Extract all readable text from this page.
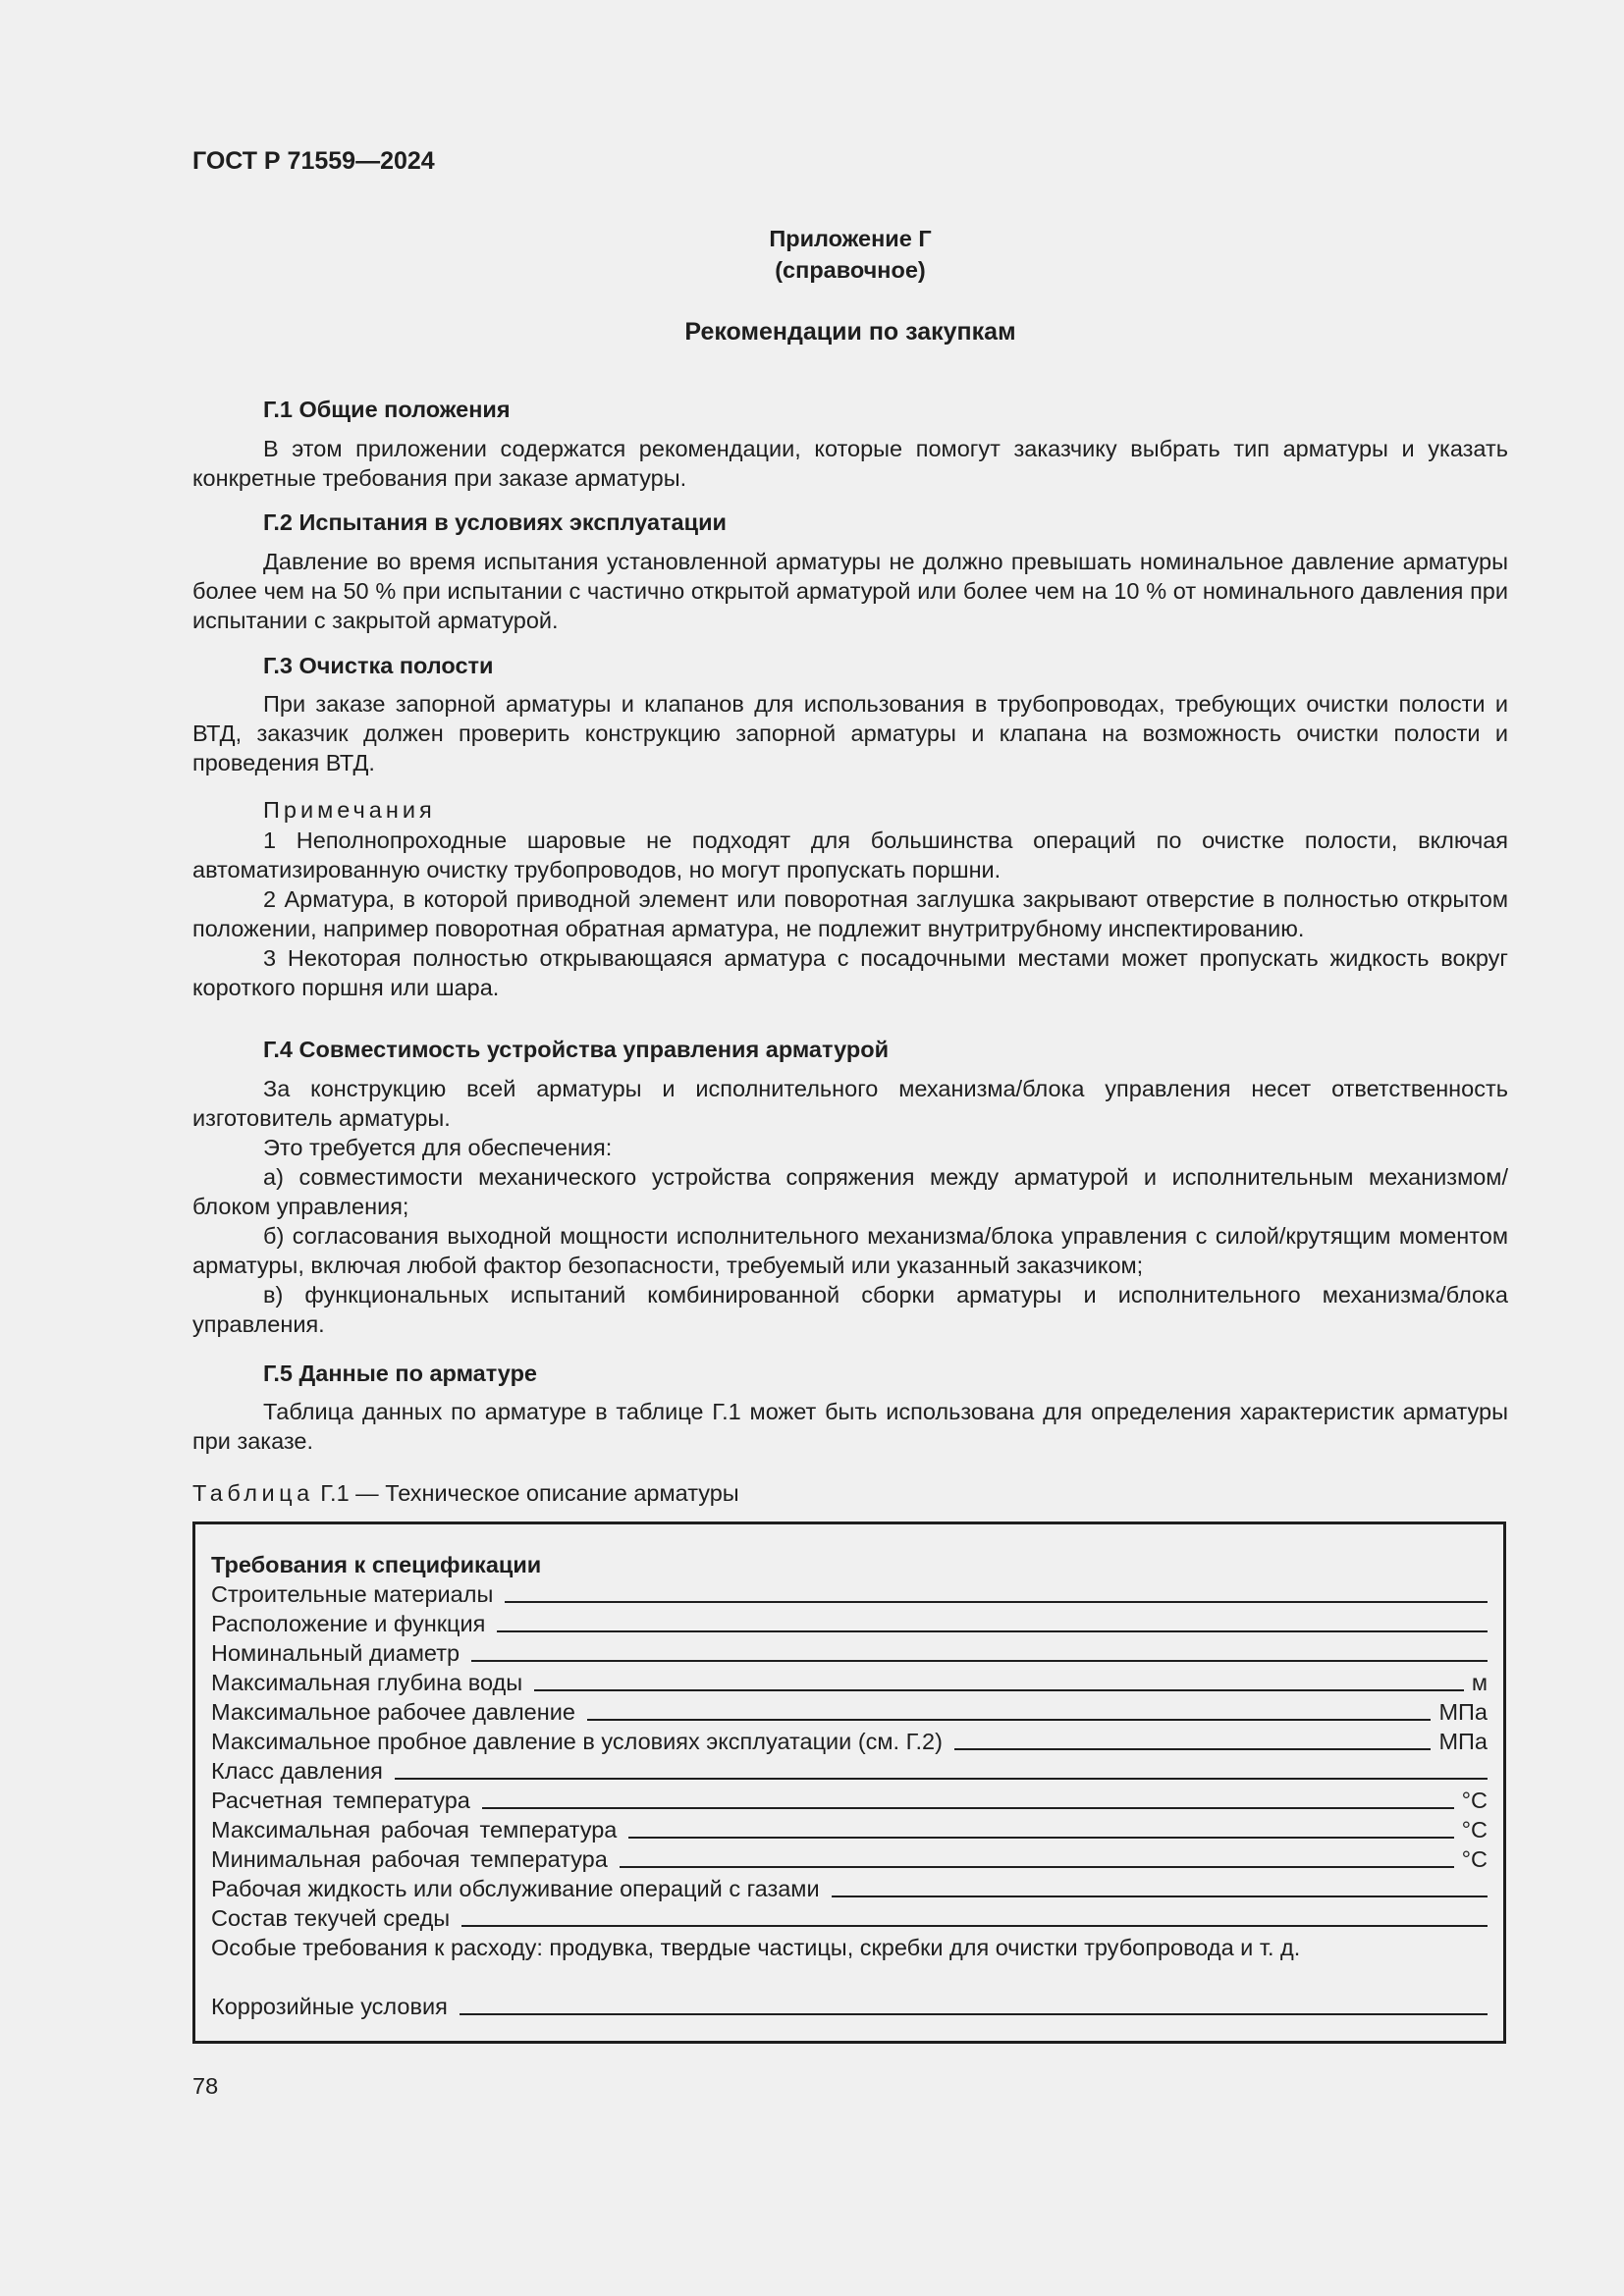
ГОСТ Р 71559—2024
Приложение Г
(справочное)
Рекомендации по закупкам
Г.1 Общие положения

В этом приложении содержатся рекомендации, которые помогут заказчику выбрать тип арматуры и указать конкретные требования при заказе арматуры.

Г.2 Испытания в условиях эксплуатации

Давление во время испытания установленной арматуры не должно превышать номинальное давление арматуры более чем на 50 % при испытании с частично открытой арматурой или более чем на 10 % от номинального давления при испытании с закрытой арматурой.

Г.3 Очистка полости

При заказе запорной арматуры и клапанов для использования в трубопроводах, требующих очистки полости и ВТД, заказчик должен проверить конструкцию запорной арматуры и клапана на возможность очистки полости и проведения ВТД.

Примечания

1 Неполнопроходные шаровые не подходят для большинства операций по очистке полости, включая автоматизированную очистку трубопроводов, но могут пропускать поршни.

2 Арматура, в которой приводной элемент или поворотная заглушка закрывают отверстие в полностью открытом положении, например поворотная обратная арматура, не подлежит внутритрубному инспектированию.

3 Некоторая полностью открывающаяся арматура с посадочными местами может пропускать жидкость вокруг короткого поршня или шара.

Г.4 Совместимость устройства управления арматурой

За конструкцию всей арматуры и исполнительного механизма/блока управления несет ответственность изготовитель арматуры.

Это требуется для обеспечения:

а) совместимости механического устройства сопряжения между арматурой и исполнительным механизмом/ блоком управления;

б) согласования выходной мощности исполнительного механизма/блока управления с силой/крутящим моментом арматуры, включая любой фактор безопасности, требуемый или указанный заказчиком;

в) функциональных испытаний комбинированной сборки арматуры и исполнительного механизма/блока управления.

Г.5 Данные по арматуре

Таблица данных по арматуре в таблице Г.1 может быть использована для определения характеристик арматуры при заказе.

Таблица Г.1 — Техническое описание арматуры
Требования к спецификации
Строительные материалы
Расположение и функция
Номинальный диаметр
Максимальная глубина воды	м
Максимальное рабочее давление	МПа
Максимальное пробное давление в условиях эксплуатации (см. Г.2)	МПа
Класс давления
Расчетная температура	°С
Максимальная рабочая температура	°С
Минимальная рабочая температура	°С
Рабочая жидкость или обслуживание операций с газами
Состав текучей среды
Особые требования к расходу: продувка, твердые частицы, скребки для очистки трубопровода и т. д.
Коррозийные условия
78
